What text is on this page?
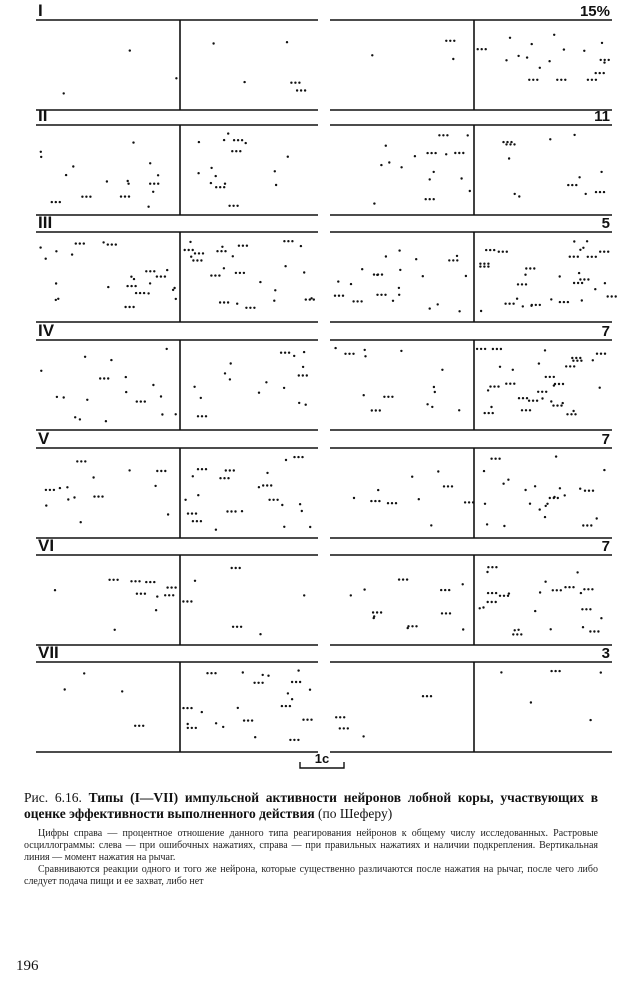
I	15%
II	11
III	5
IV	7
V	7
VI	7
VII	3
1с

Рис. 6.16. Типы (I—VII) импульсной активности нейронов лобной коры, участвующих в оценке эффективности выполненного действия (по Шеферу)

Цифры справа — процентное отношение данного типа реагирования нейронов к общему числу исследованных. Растровые осциллограммы: слева — при ошибочных нажатиях, справа — при правильных нажатиях и наличии подкрепления. Вертикальная линия — момент нажатия на рычаг.

Сравниваются реакции одного и того же нейрона, которые существенно различаются после нажатия на рычаг, после чего либо следует подача пищи и ее захват, либо нет

196
